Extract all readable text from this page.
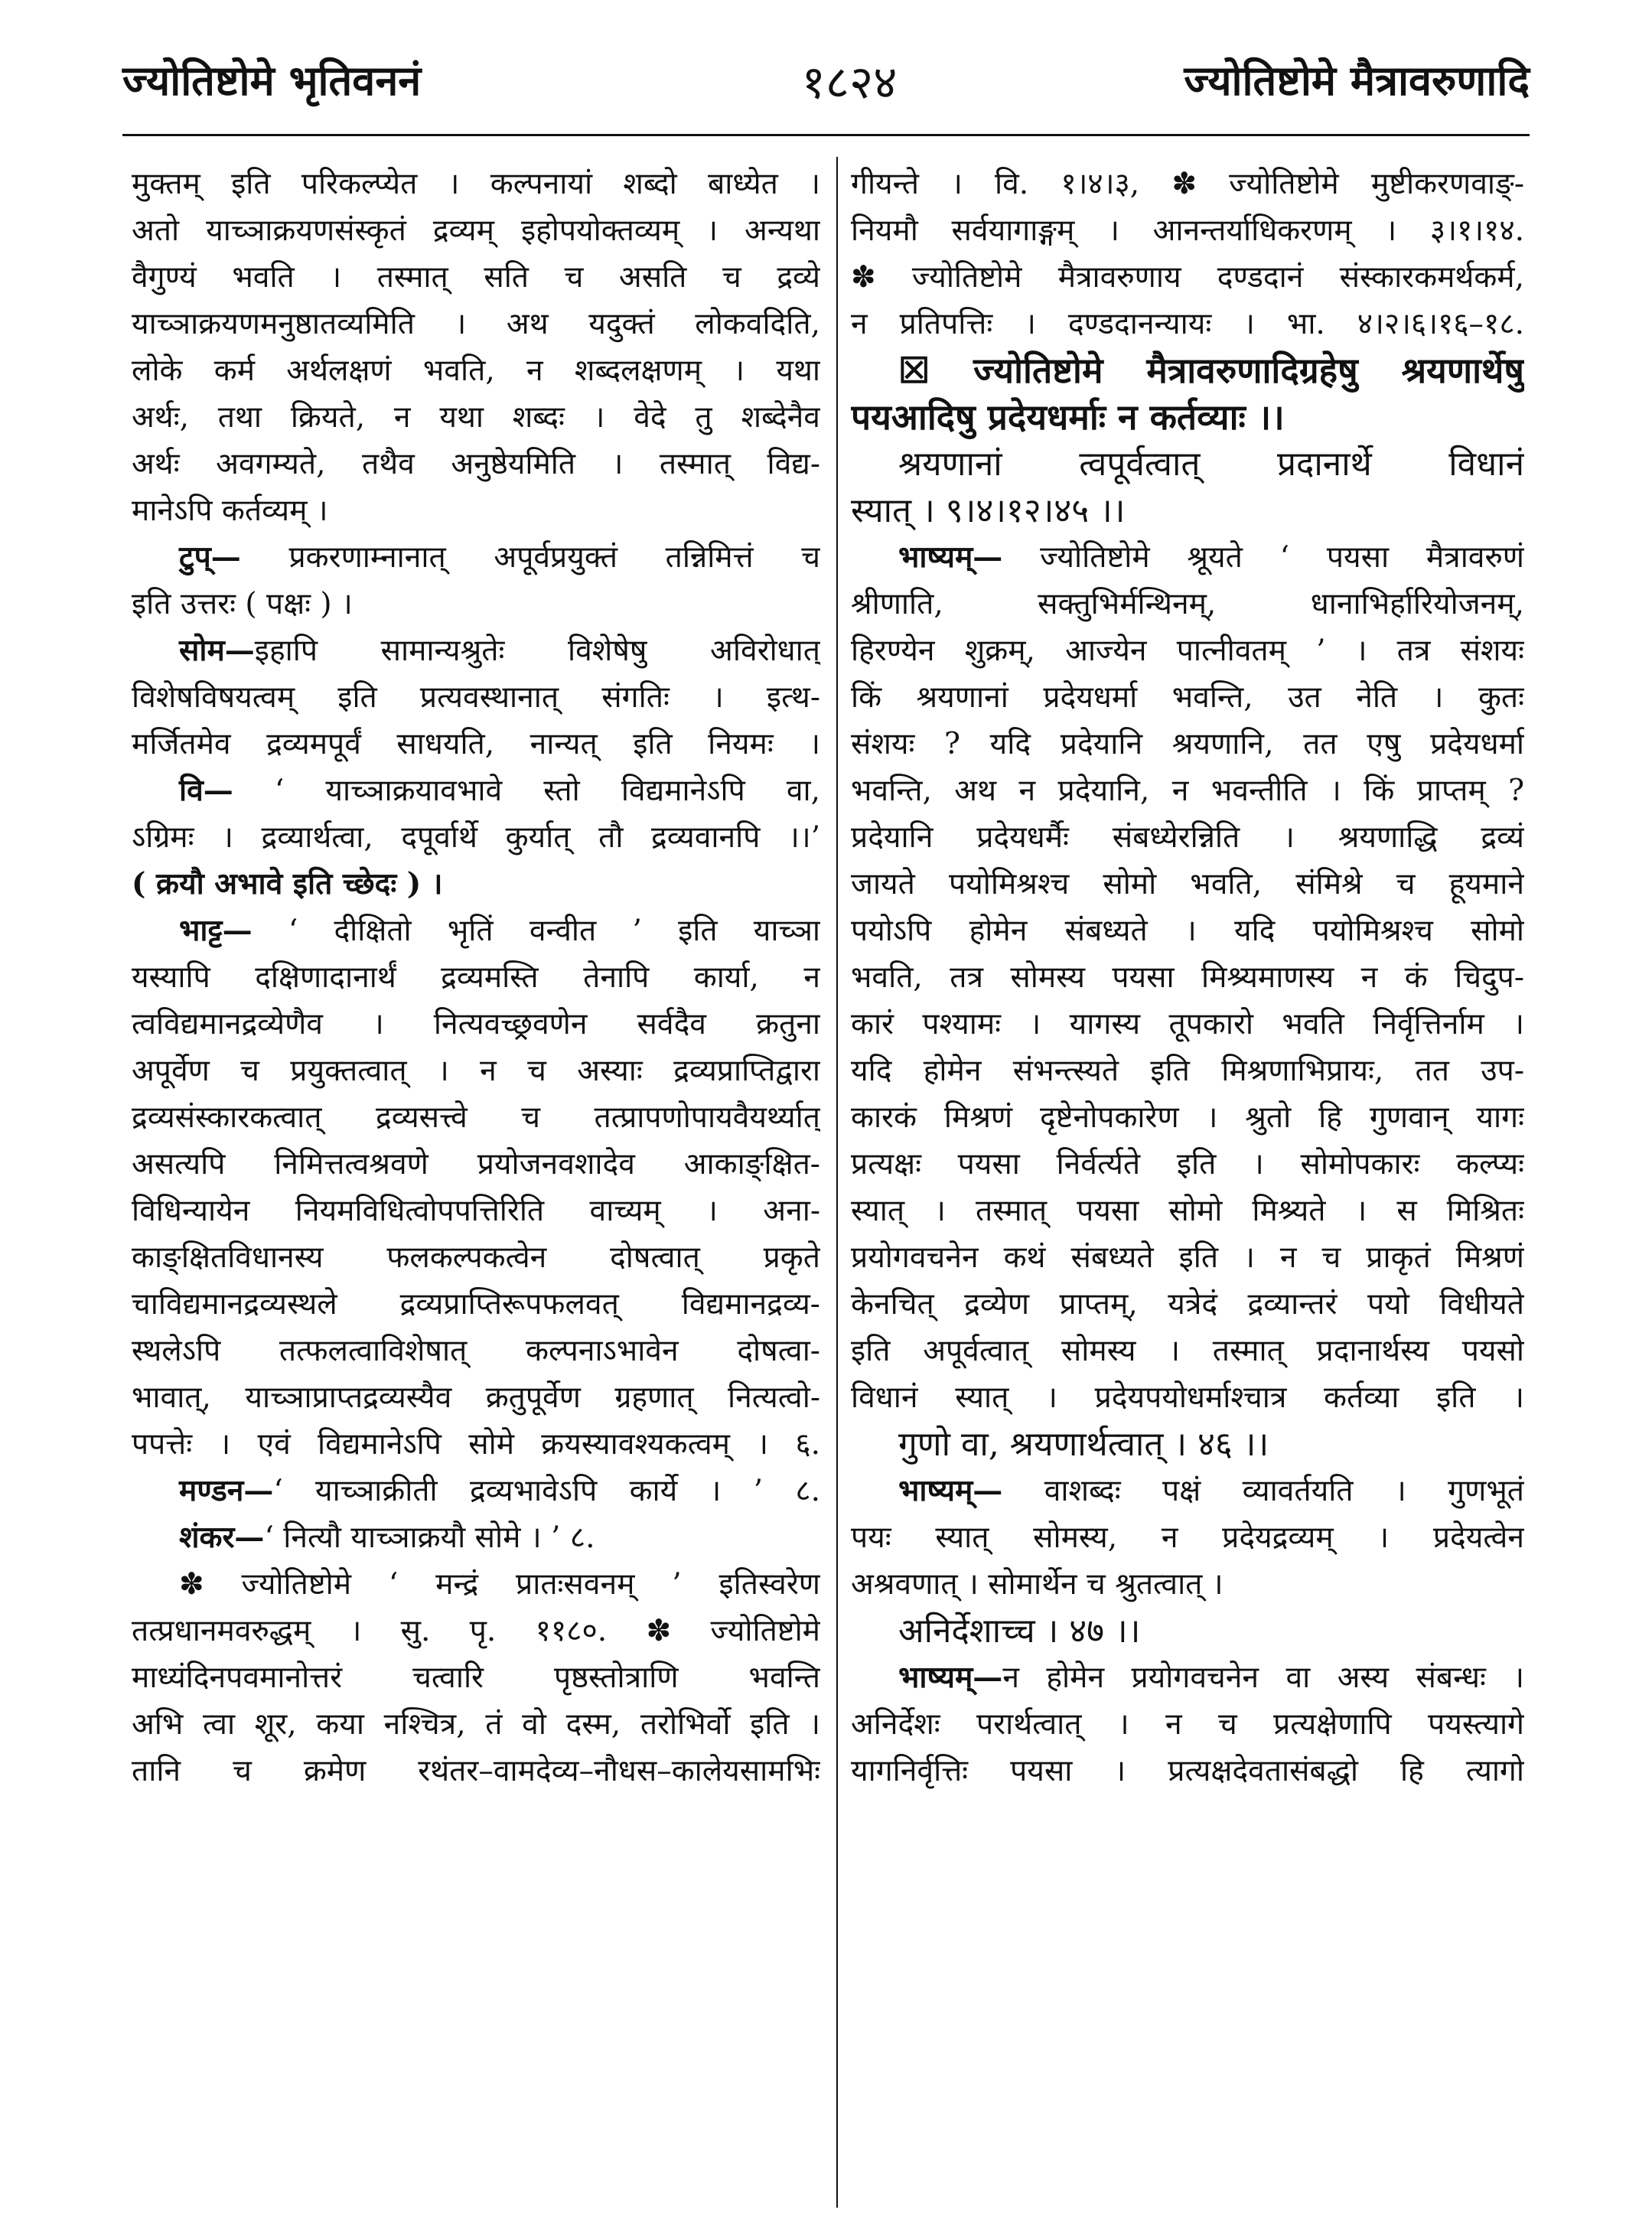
ज्योतिष्टोमे भृतिवननं	१८२४	ज्योतिष्टोमे मैत्रावरुणादि
मुक्तम् इति परिकल्प्येत । कल्पनायां शब्दो बाध्येत ।
अतो याच्ञाक्रयणसंस्कृतं द्रव्यम् इहोपयोक्तव्यम् । अन्यथा
वैगुण्यं भवति । तस्मात् सति च असति च द्रव्ये
याच्ञाक्रयणमनुष्ठातव्यमिति । अथ यदुक्तं लोकवदिति,
लोके कर्म अर्थलक्षणं भवति, न शब्दलक्षणम् । यथा
अर्थः, तथा क्रियते, न यथा शब्दः । वेदे तु शब्देनैव
अर्थः अवगम्यते, तथैव अनुष्ठेयमिति । तस्मात् विद्य-
मानेऽपि कर्तव्यम् ।
टुप्— प्रकरणाम्नानात् अपूर्वप्रयुक्तं तन्निमित्तं च
इति उत्तरः ( पक्षः ) ।
सोम—इहापि सामान्यश्रुतेः विशेषेषु अविरोधात्
विशेषविषयत्वम् इति प्रत्यवस्थानात् संगतिः । इत्थ-
मर्जितमेव द्रव्यमपूर्वं साधयति, नान्यत् इति नियमः ।
वि— ‘ याच्ञाक्रयावभावे स्तो विद्यमानेऽपि वा,
ऽग्रिमः । द्रव्यार्थत्वा, दपूर्वार्थे कुर्यात् तौ द्रव्यवानपि ।।’
( क्रयौ अभावे इति च्छेदः ) ।
भाट्ट— ‘ दीक्षितो भृतिं वन्वीत ’ इति याच्ञा
यस्यापि दक्षिणादानार्थं द्रव्यमस्ति तेनापि कार्या, न
त्वविद्यमानद्रव्येणैव । नित्यवच्छ्रवणेन सर्वदैव क्रतुना
अपूर्वेण च प्रयुक्तत्वात् । न च अस्याः द्रव्यप्राप्तिद्वारा
द्रव्यसंस्कारकत्वात् द्रव्यसत्त्वे च तत्प्रापणोपायवैयर्थ्यात्
असत्यपि निमित्तत्वश्रवणे प्रयोजनवशादेव आकाङ्क्षित-
विधिन्यायेन नियमविधित्वोपपत्तिरिति वाच्यम् । अना-
काङ्क्षितविधानस्य फलकल्पकत्वेन दोषत्वात् प्रकृते
चाविद्यमानद्रव्यस्थले द्रव्यप्राप्तिरूपफलवत् विद्यमानद्रव्य-
स्थलेऽपि तत्फलत्वाविशेषात् कल्पनाऽभावेन दोषत्वा-
भावात्, याच्ञाप्राप्तद्रव्यस्यैव क्रतुपूर्वेण ग्रहणात् नित्यत्वो-
पपत्तेः । एवं विद्यमानेऽपि सोमे क्रयस्यावश्यकत्वम् । ६.
मण्डन—‘ याच्ञाक्रीती द्रव्यभावेऽपि कार्ये । ’ ८.
शंकर—‘ नित्यौ याच्ञाक्रयौ सोमे । ’ ८.
✽ ज्योतिष्टोमे ‘ मन्द्रं प्रातःसवनम् ’ इतिस्वरेण
तत्प्रधानमवरुद्धम् । सु. पृ. ११८०. ✽ ज्योतिष्टोमे
माध्यंदिनपवमानोत्तरं चत्वारि पृष्ठस्तोत्राणि भवन्ति
अभि त्वा शूर, कया नश्चित्र, तं वो दस्म, तरोभिर्वो इति ।
तानि च क्रमेण रथंतर–वामदेव्य–नौधस–कालेयसामभिः
गीयन्ते । वि. १।४।३, ✽ ज्योतिष्टोमे मुष्टीकरणवाङ्-
नियमौ सर्वयागाङ्गम् । आनन्तर्याधिकरणम् । ३।१।१४.
✽ ज्योतिष्टोमे मैत्रावरुणाय दण्डदानं संस्कारकमर्थकर्म,
न प्रतिपत्तिः । दण्डदानन्यायः । भा. ४।२।६।१६–१८.
☒ ज्योतिष्टोमे मैत्रावरुणादिग्रहेषु श्रयणार्थेषु
पयआदिषु प्रदेयधर्माः न कर्तव्याः ।।
श्रयणानां त्वपूर्वत्वात् प्रदानार्थे विधानं
स्यात् । ९।४।१२।४५ ।।
भाष्यम्— ज्योतिष्टोमे श्रूयते ‘ पयसा मैत्रावरुणं
श्रीणाति, सक्तुभिर्मन्थिनम्, धानाभिर्हारियोजनम्,
हिरण्येन शुक्रम्, आज्येन पात्नीवतम् ’ । तत्र संशयः
किं श्रयणानां प्रदेयधर्मा भवन्ति, उत नेति । कुतः
संशयः ? यदि प्रदेयानि श्रयणानि, तत एषु प्रदेयधर्मा
भवन्ति, अथ न प्रदेयानि, न भवन्तीति । किं प्राप्तम् ?
प्रदेयानि प्रदेयधर्मैः संबध्येरन्निति । श्रयणाद्धि द्रव्यं
जायते पयोमिश्रश्च सोमो भवति, संमिश्रे च हूयमाने
पयोऽपि होमेन संबध्यते । यदि पयोमिश्रश्च सोमो
भवति, तत्र सोमस्य पयसा मिश्र्यमाणस्य न कं चिदुप-
कारं पश्यामः । यागस्य तूपकारो भवति निर्वृत्तिर्नाम ।
यदि होमेन संभन्त्स्यते इति मिश्रणाभिप्रायः, तत उप-
कारकं मिश्रणं दृष्टेनोपकारेण । श्रुतो हि गुणवान् यागः
प्रत्यक्षः पयसा निर्वर्त्यते इति । सोमोपकारः कल्प्यः
स्यात् । तस्मात् पयसा सोमो मिश्र्यते । स मिश्रितः
प्रयोगवचनेन कथं संबध्यते इति । न च प्राकृतं मिश्रणं
केनचित् द्रव्येण प्राप्तम्, यत्रेदं द्रव्यान्तरं पयो विधीयते
इति अपूर्वत्वात् सोमस्य । तस्मात् प्रदानार्थस्य पयसो
विधानं स्यात् । प्रदेयपयोधर्माश्चात्र कर्तव्या इति ।
गुणो वा, श्रयणार्थत्वात् । ४६ ।।
भाष्यम्— वाशब्दः पक्षं व्यावर्तयति । गुणभूतं
पयः स्यात् सोमस्य, न प्रदेयद्रव्यम् । प्रदेयत्वेन
अश्रवणात् । सोमार्थेन च श्रुतत्वात् ।
अनिर्देशाच्च । ४७ ।।
भाष्यम्—न होमेन प्रयोगवचनेन वा अस्य संबन्धः ।
अनिर्देशः परार्थत्वात् । न च प्रत्यक्षेणापि पयस्त्यागे
यागनिर्वृत्तिः पयसा । प्रत्यक्षदेवतासंबद्धो हि त्यागो
